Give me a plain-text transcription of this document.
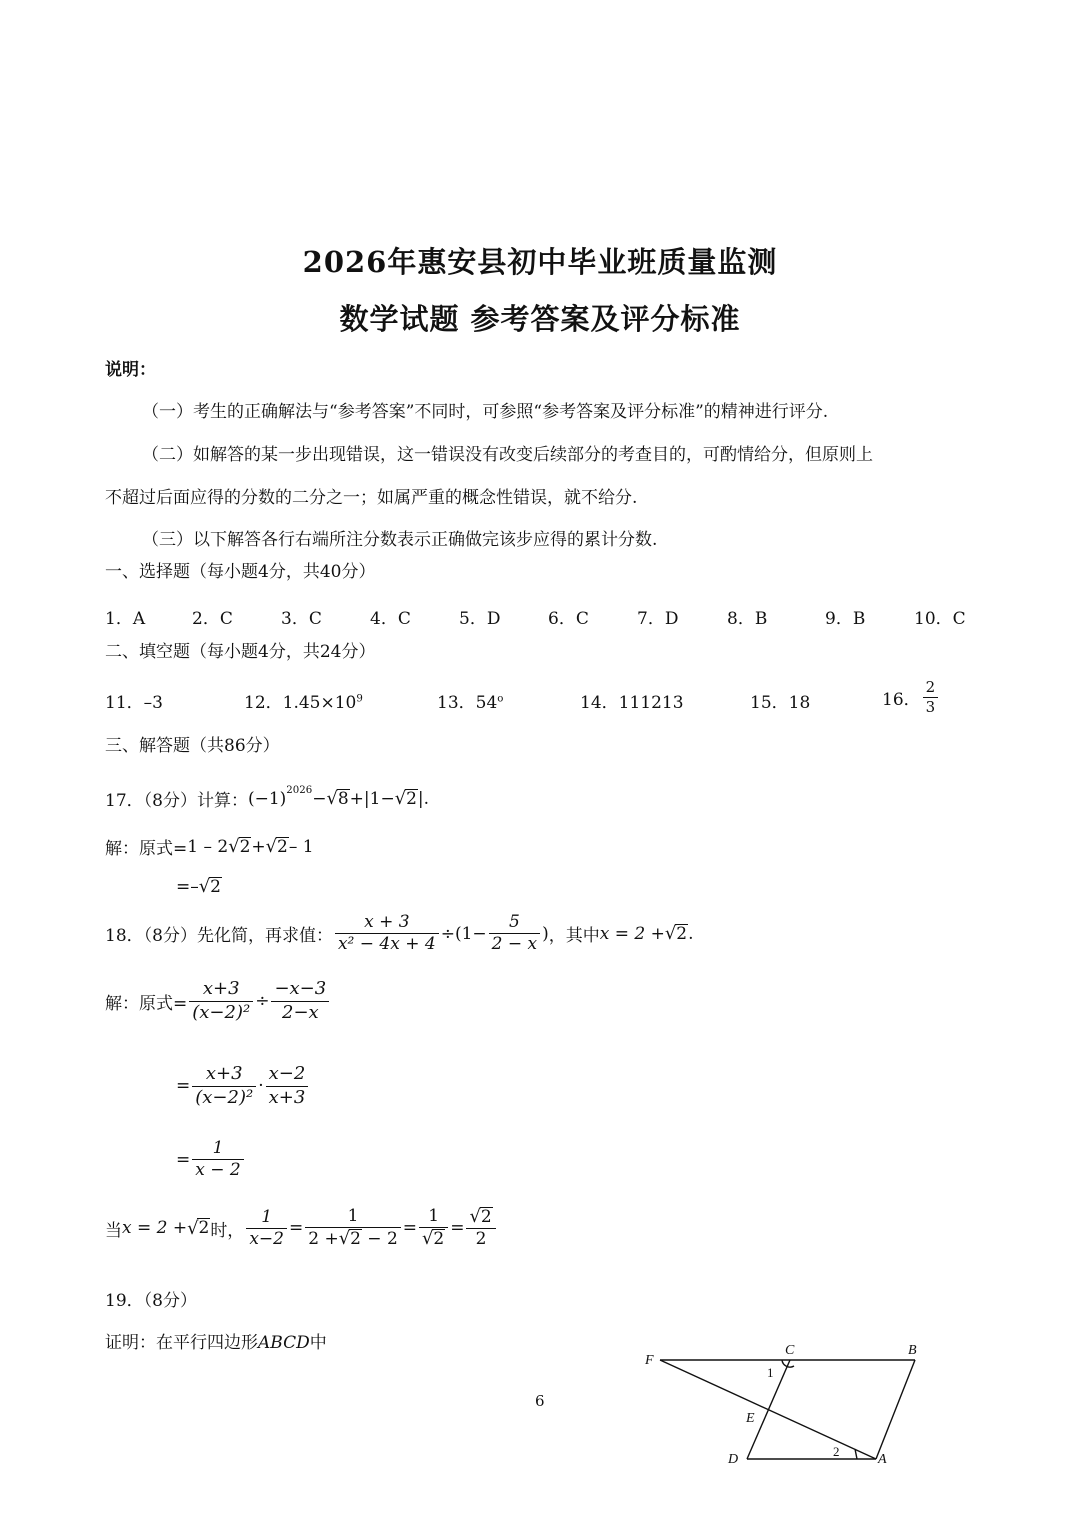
2026年惠安县初中毕业班质量监测
数学试题 参考答案及评分标准
说明：
（一）考生的正确解法与“参考答案”不同时，可参照“参考答案及评分标准”的精神进行评分.
（二）如解答的某一步出现错误，这一错误没有改变后续部分的考查目的，可酌情给分，但原则上
不超过后面应得的分数的二分之一；如属严重的概念性错误，就不给分.
（三）以下解答各行右端所注分数表示正确做完该步应得的累计分数.
一、选择题（每小题4分，共40分）
1．A	2．C	3．C	4．C	5．D	6．C	7．D	8．B	9．B	10．C
二、填空题（每小题4分，共24分）
11．–3	12．$1.45\times 10^9$	13．54$^o$	14．111213	15．18	16． $\frac{2}{3}$
三、解答题（共86分）
17．（8分）计算： $(-1)^{2026}$ − √ 8 +|1− √ 2 |.
解：原式= 1 – 2 √ 2 + √ 2 – 1
=– √ 2
18．（8分）先化简，再求值： $\frac{x + 3}{\text{x² − 4x + 4}} \div (1- \frac{5}{2 - x}$ ) ，其中 x = 2 + √ 2 .
解：原式= $\frac{x+3}{\text{(x−2)²}} \div \frac{-x-3}{2-x}$
= $\frac{x+3}{\text{(x−2)²}} \cdot \frac{x-2}{x+3}$
= $\frac{1}{x - 2}$
当 x = 2 + √ 2 时， $\frac{1}{x-2} = \frac{1}{2 +√2 - 2} = \frac{1}{√2} = \frac{√2}{2}$
19．（8分）
证明：在平行四边形ABCD中
6
F
C	B
E
D	A
1
2
